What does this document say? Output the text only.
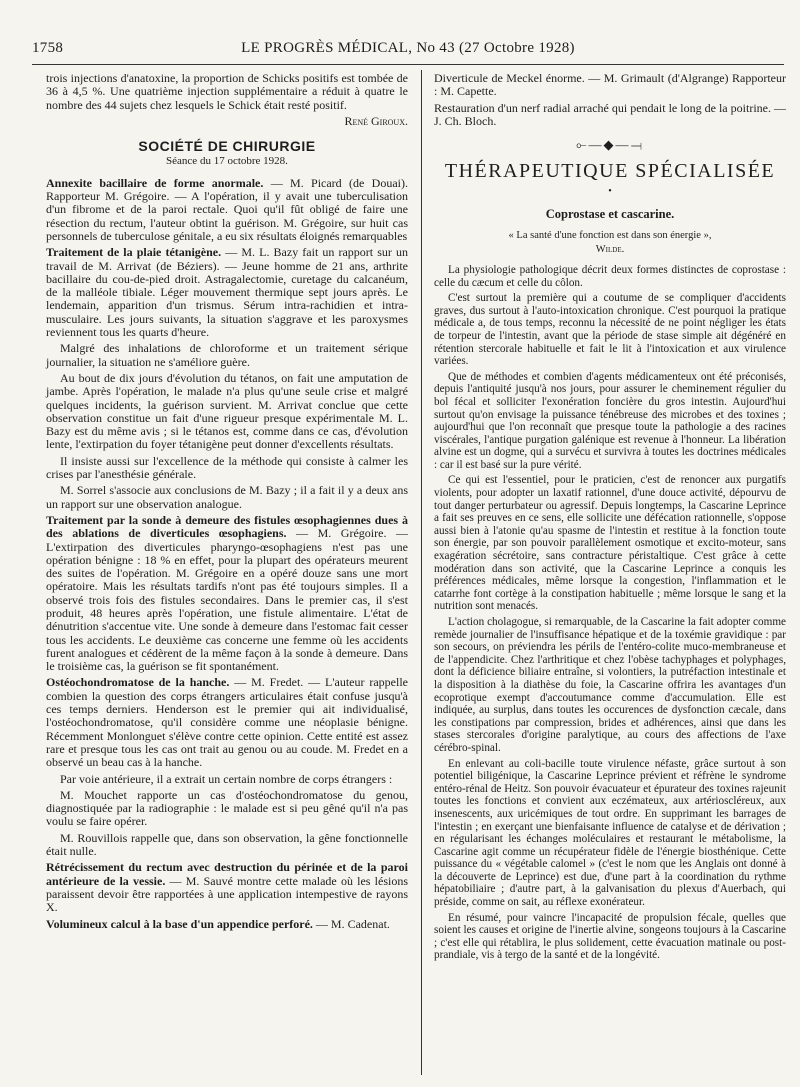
1758	LE PROGRÈS MÉDICAL, No 43 (27 Octobre 1928)

trois injections d'anatoxine, la proportion de Schicks positifs est tombée de 36 à 4,5 %. Une quatrième injection supplémentaire a réduit à quatre le nombre des 44 sujets chez lesquels le Schick était resté positif.

René Giroux.

SOCIÉTÉ DE CHIRURGIE
Séance du 17 octobre 1928.

Annexite bacillaire de forme anormale. — M. Picard (de Douai). Rapporteur M. Grégoire. — A l'opération, il y avait une tuberculisation d'un fibrome et de la paroi rectale. Quoi qu'il fût obligé de faire une résection du rectum, l'auteur obtint la guérison. M. Grégoire, sur huit cas personnels de tuberculose génitale, a eu six résultats éloignés remarquables

Traitement de la plaie tétanigène. — M. L. Bazy fait un rapport sur un travail de M. Arrivat (de Béziers). — Jeune homme de 21 ans, arthrite bacillaire du cou-de-pied droit. Astragalectomie, curetage du calcanéum, de la malléole tibiale. Léger mouvement thermique sept jours après. Le lendemain, apparition d'un trismus. Sérum intra-rachidien et intra-musculaire. Les jours suivants, la situation s'aggrave et les paroxysmes reviennent tous les quarts d'heure.

Malgré des inhalations de chloroforme et un traitement sérique journalier, la situation ne s'améliore guère.

Au bout de dix jours d'évolution du tétanos, on fait une amputation de jambe. Après l'opération, le malade n'a plus qu'une seule crise et malgré quelques incidents, la guérison survient. M. Arrivat conclue que cette observation constitue un fait d'une rigueur presque expérimentale M. L. Bazy est du même avis ; si le tétanos est, comme dans ce cas, d'évolution lente, l'extirpation du foyer tétanigène peut donner d'excellents résultats.

Il insiste aussi sur l'excellence de la méthode qui consiste à calmer les crises par l'anesthésie générale.

M. Sorrel s'associe aux conclusions de M. Bazy ; il a fait il y a deux ans un rapport sur une observation analogue.

Traitement par la sonde à demeure des fistules œsophagiennes dues à des ablations de diverticules œsophagiens. — M. Grégoire. — L'extirpation des diverticules pharyngo-œsophagiens n'est pas une opération bénigne : 18 % en effet, pour la plupart des opérateurs meurent des suites de l'opération. M. Grégoire en a opéré douze sans une mort opératoire. Mais les résultats tardifs n'ont pas été toujours simples. Il a observé trois fois des fistules secondaires. Dans le premier cas, il s'est produit, 48 heures après l'opération, une fistule alimentaire. L'état de dénutrition s'accentue vite. Une sonde à demeure dans l'estomac fait cesser tous les accidents. Le deuxième cas concerne une femme où les accidents furent analogues et cédèrent de la même façon à la sonde à demeure. Dans le troisième cas, la guérison se fit spontanément.

Ostéochondromatose de la hanche. — M. Fredet. — L'auteur rappelle combien la question des corps étrangers articulaires était confuse jusqu'à ces temps derniers. Henderson est le premier qui ait individualisé, l'ostéochondromatose, qu'il considère comme une néoplasie bénigne. Récemment Monlonguet s'élève contre cette opinion. Cette entité est assez rare et presque tous les cas ont trait au genou ou au coude. M. Fredet en a observé un beau cas à la hanche.

Par voie antérieure, il a extrait un certain nombre de corps étrangers :

M. Mouchet rapporte un cas d'ostéochondromatose du genou, diagnostiquée par la radiographie : le malade est si peu gêné qu'il n'a pas voulu se faire opérer.

M. Rouvillois rappelle que, dans son observation, la gêne fonctionnelle était nulle.

Rétrécissement du rectum avec destruction du périnée et de la paroi antérieure de la vessie. — M. Sauvé montre cette malade où les lésions paraissent devoir être rapportées à une application intempestive de rayons X.

Volumineux calcul à la base d'un appendice perforé. — M. Cadenat.

Diverticule de Meckel énorme. — M. Grimault (d'Algrange) Rapporteur : M. Capette.

Restauration d'un nerf radial arraché qui pendait le long de la poitrine. — J. Ch. Bloch.

⟜—◆—⟞
THÉRAPEUTIQUE SPÉCIALISÉE
•
Coprostase et cascarine.
« La santé d'une fonction est dans son énergie »,
Wilde.

La physiologie pathologique décrit deux formes distinctes de coprostase : celle du cæcum et celle du côlon.

C'est surtout la première qui a coutume de se compliquer d'accidents graves, dus surtout à l'auto-intoxication chronique. C'est pourquoi la pratique médicale a, de tous temps, reconnu la nécessité de ne point négliger les états de torpeur de l'intestin, avant que la période de stase simple ait dégénéré en rétention stercorale habituelle et fait le lit à l'intoxication et aux virulence variées.

Que de méthodes et combien d'agents médicamenteux ont été préconisés, depuis l'antiquité jusqu'à nos jours, pour assurer le cheminement régulier du bol fécal et solliciter l'exonération foncière du gros intestin. Aujourd'hui surtout qu'on envisage la puissance ténébreuse des microbes et des toxines ; aujourd'hui que l'on reconnaît que presque toute la pathologie a des racines viscérales, l'antique purgation galénique est revenue à l'honneur. La libération alvine est un dogme, qui a survécu et survivra à toutes les doctrines médicales : car il est basé sur la pure vérité.

Ce qui est l'essentiel, pour le praticien, c'est de renoncer aux purgatifs violents, pour adopter un laxatif rationnel, d'une douce activité, dépourvu de tout danger perturbateur ou agressif. Depuis longtemps, la Cascarine Leprince a fait ses preuves en ce sens, elle sollicite une défécation rationnelle, s'oppose aussi bien à l'atonie qu'au spasme de l'intestin et restitue à la fonction toute son énergie, par son pouvoir parallèlement osmotique et excito-moteur, sans exagération sécrétoire, sans contracture péristaltique. C'est grâce à cette modération dans son activité, que la Cascarine Leprince a conquis les préférences médicales, même lorsque la congestion, l'inflammation et le catarrhe font cortège à la constipation habituelle ; même lorsque le sang et la nutrition sont menacés.

L'action cholagogue, si remarquable, de la Cascarine la fait adopter comme remède journalier de l'insuffisance hépatique et de la toxémie gravidique : par son secours, on préviendra les périls de l'entéro-colite muco-membraneuse et de l'appendicite. Chez l'arthritique et chez l'obèse tachyphages et polyphages, dont la déficience biliaire entraîne, si volontiers, la putréfaction intestinale et la disposition à la diathèse du foie, la Cascarine offrira les avantages d'un ecoprotique exempt d'accoutumance comme d'accumulation. Elle est indiquée, au surplus, dans toutes les occurences de dysfonction cæcale, dans les constipations par compression, brides et adhérences, ainsi que dans les stases stercorales d'origine paralytique, au cours des affections de l'axe cérébro-spinal.

En enlevant au coli-bacille toute virulence néfaste, grâce surtout à son potentiel biligénique, la Cascarine Leprince prévient et réfrène le syndrome entéro-rénal de Heitz. Son pouvoir évacuateur et épurateur des toxines rajeunit toutes les fonctions et convient aux eczémateux, aux artérioscléreux, aux insenescents, aux uricémiques de tout ordre. En supprimant les barrages de l'intestin ; en exerçant une bienfaisante influence de catalyse et de dérivation ; en régularisant les échanges moléculaires et restaurant le métabolisme, la Cascarine agit comme un récupérateur fidèle de l'énergie biosthénique. Cette puissance du « végétable calomel » (c'est le nom que les Anglais ont donné à la découverte de Leprince) est due, d'une part à la coordination du rythme hépatobiliaire ; d'autre part, à la galvanisation du plexus d'Auerbach, qui préside, comme on sait, au réflexe exonérateur.

En résumé, pour vaincre l'incapacité de propulsion fécale, quelles que soient les causes et origine de l'inertie alvine, songeons toujours à la Cascarine ; c'est elle qui rétablira, le plus solidement, cette évacuation matinale ou post-prandiale, vis à tergo de la santé et de la longévité.
